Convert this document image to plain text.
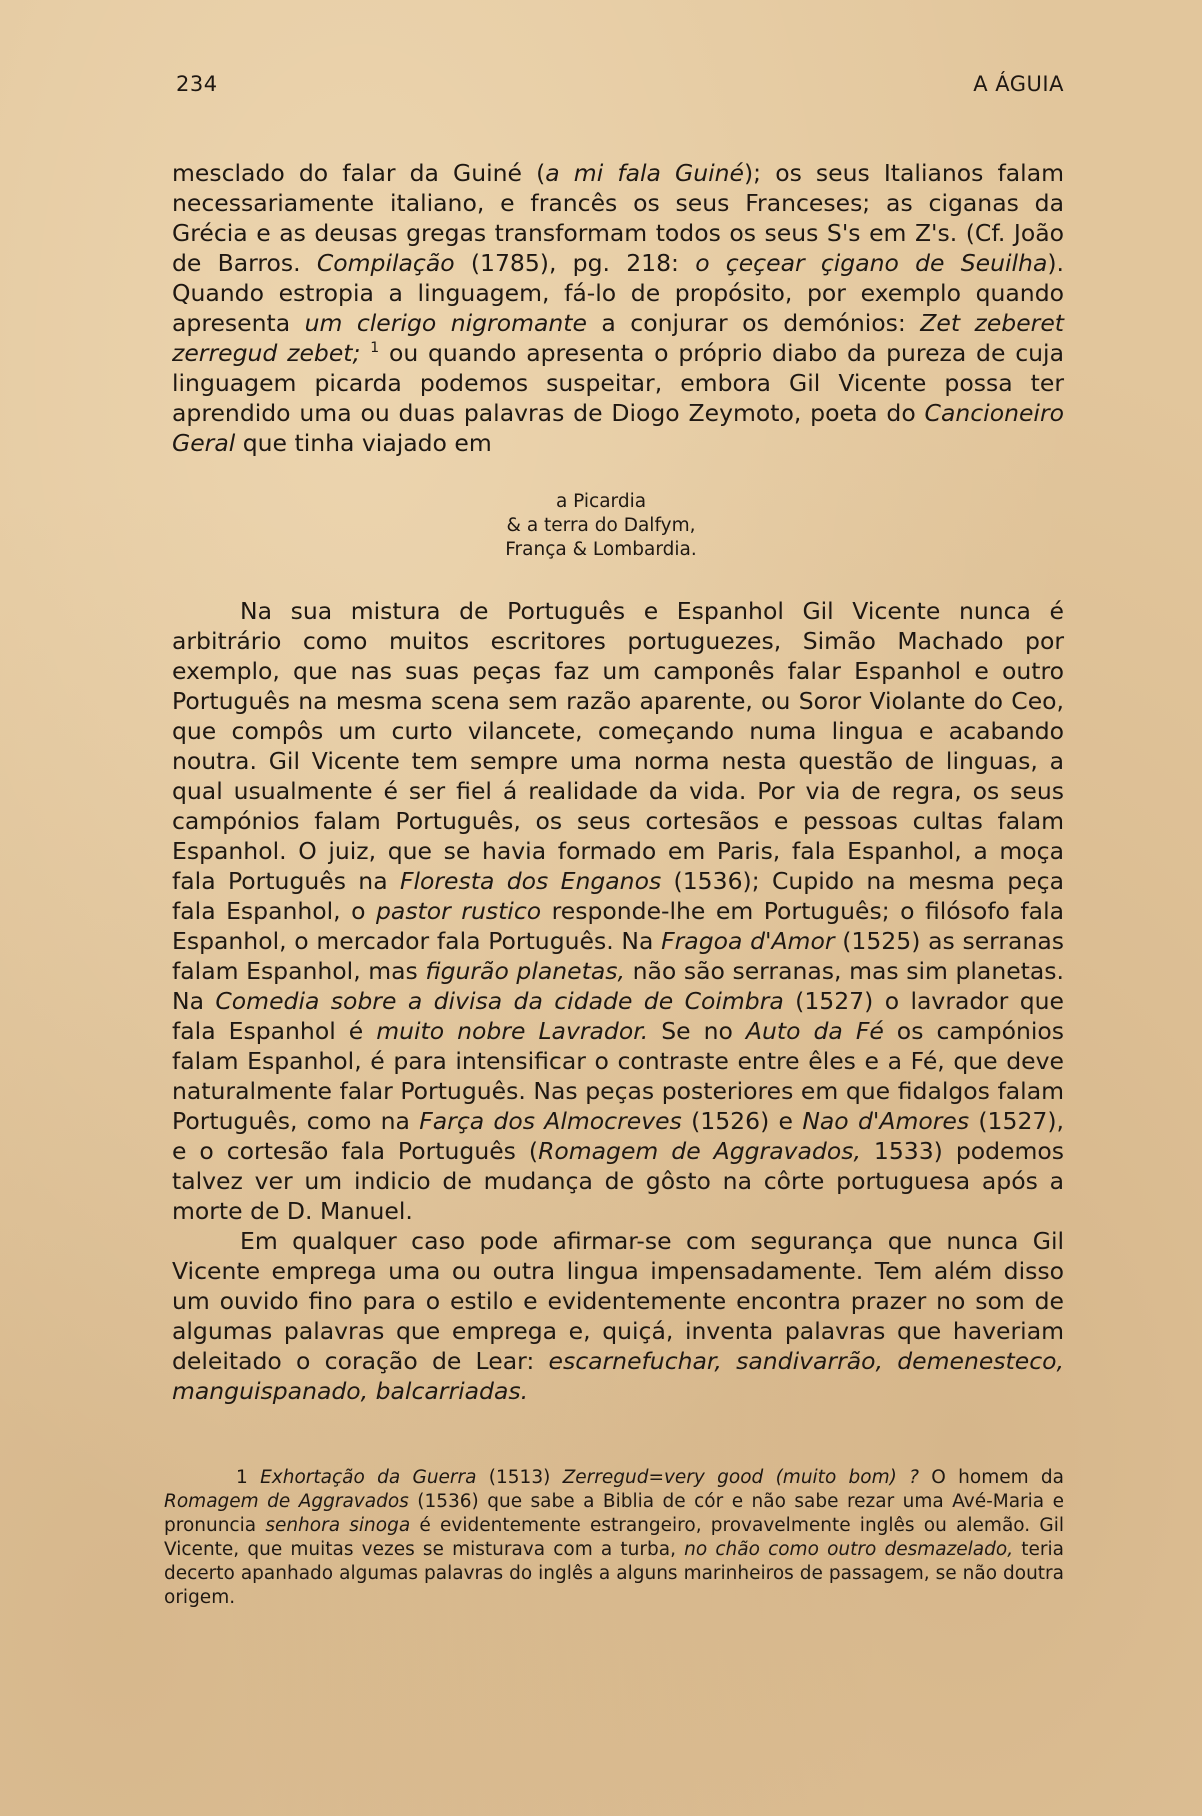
234	A ÁGUIA

mesclado do falar da Guiné (a mi fala Guiné); os seus Italianos falam necessariamente italiano, e francês os seus Franceses; as ciganas da Grécia e as deusas gregas transformam todos os seus S's em Z's. (Cf. João de Barros. Compilação (1785), pg. 218: o çeçear çigano de Seuilha). Quando estropia a linguagem, fá-lo de propósito, por exemplo quando apresenta um clerigo nigromante a conjurar os demónios: Zet zeberet zerregud zebet; $^1$ ou quando apresenta o próprio diabo da pureza de cuja linguagem picarda podemos suspeitar, embora Gil Vicente possa ter aprendido uma ou duas palavras de Diogo Zeymoto, poeta do Cancioneiro Geral que tinha viajado em

a Picardia
& a terra do Dalfym,
França & Lombardia.

Na sua mistura de Português e Espanhol Gil Vicente nunca é arbitrário como muitos escritores portuguezes, Simão Machado por exemplo, que nas suas peças faz um camponês falar Espanhol e outro Português na mesma scena sem razão aparente, ou Soror Violante do Ceo, que compôs um curto vilancete, começando numa lingua e acabando noutra. Gil Vicente tem sempre uma norma nesta questão de linguas, a qual usualmente é ser fiel á realidade da vida. Por via de regra, os seus campónios falam Português, os seus cortesãos e pessoas cultas falam Espanhol. O juiz, que se havia formado em Paris, fala Espanhol, a moça fala Português na Floresta dos Enganos (1536); Cupido na mesma peça fala Espanhol, o pastor rustico responde-lhe em Português; o filósofo fala Espanhol, o mercador fala Português. Na Fragoa d'Amor (1525) as serranas falam Espanhol, mas figurão planetas, não são serranas, mas sim planetas. Na Comedia sobre a divisa da cidade de Coimbra (1527) o lavrador que fala Espanhol é muito nobre Lavrador. Se no Auto da Fé os campónios falam Espanhol, é para intensificar o contraste entre êles e a Fé, que deve naturalmente falar Português. Nas peças posteriores em que fidalgos falam Português, como na Farça dos Almocreves (1526) e Nao d'Amores (1527), e o cortesão fala Português (Romagem de Aggravados, 1533) podemos talvez ver um indicio de mudança de gôsto na côrte portuguesa após a morte de D. Manuel.

Em qualquer caso pode afirmar-se com segurança que nunca Gil Vicente emprega uma ou outra lingua impensadamente. Tem além disso um ouvido fino para o estilo e evidentemente encontra prazer no som de algumas palavras que emprega e, quiçá, inventa palavras que haveriam deleitado o coração de Lear: escarnefuchar, sandivarrão, demenesteco, manguispanado, balcarriadas.

1 Exhortação da Guerra (1513) Zerregud=very good (muito bom) ? O homem da Romagem de Aggravados (1536) que sabe a Biblia de cór e não sabe rezar uma Avé-Maria e pronuncia senhora sinoga é evidentemente estrangeiro, provavelmente inglês ou alemão. Gil Vicente, que muitas vezes se misturava com a turba, no chão como outro desmazelado, teria decerto apanhado algumas palavras do inglês a alguns marinheiros de passagem, se não doutra origem.
